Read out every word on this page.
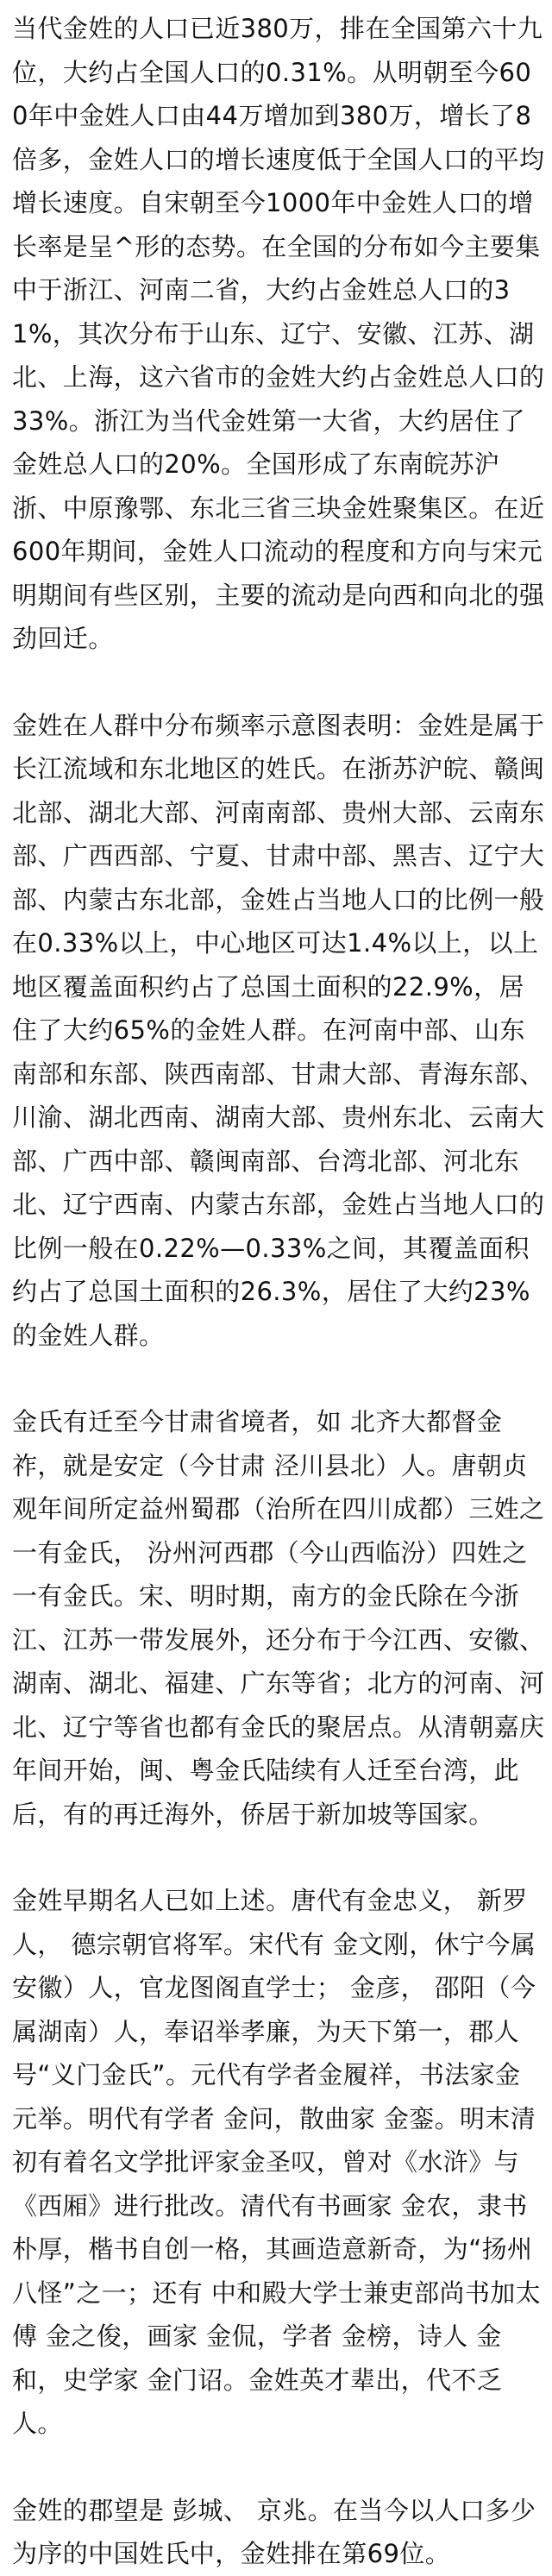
当代金姓的人口已近380万，排在全国第六十九位，大约占全国人口的0.31%。从明朝至今600年中金姓人口由44万增加到380万，增长了8倍多，金姓人口的增长速度低于全国人口的平均增长速度。自宋朝至今1000年中金姓人口的增长率是呈^形的态势。在全国的分布如今主要集中于浙江、河南二省，大约占金姓总人口的31%，其次分布于山东、辽宁、安徽、江苏、湖北、上海，这六省市的金姓大约占金姓总人口的33%。浙江为当代金姓第一大省，大约居住了金姓总人口的20%。全国形成了东南皖苏沪浙、中原豫鄂、东北三省三块金姓聚集区。在近600年期间，金姓人口流动的程度和方向与宋元明期间有些区别，主要的流动是向西和向北的强劲回迁。

金姓在人群中分布频率示意图表明：金姓是属于长江流域和东北地区的姓氏。在浙苏沪皖、赣闽北部、湖北大部、河南南部、贵州大部、云南东部、广西西部、宁夏、甘肃中部、黑吉、辽宁大部、内蒙古东北部，金姓占当地人口的比例一般在0.33%以上，中心地区可达1.4%以上，以上地区覆盖面积约占了总国土面积的22.9%，居住了大约65%的金姓人群。在河南中部、山东南部和东部、陕西南部、甘肃大部、青海东部、川渝、湖北西南、湖南大部、贵州东北、云南大部、广西中部、赣闽南部、台湾北部、河北东北、辽宁西南、内蒙古东部，金姓占当地人口的比例一般在0.22%—0.33%之间，其覆盖面积约占了总国土面积的26.3%，居住了大约23%的金姓人群。

金氏有迁至今甘肃省境者，如 北齐大都督金祚，就是安定（今甘肃 泾川县北）人。唐朝贞观年间所定益州蜀郡（治所在四川成都）三姓之一有金氏， 汾州河西郡（今山西临汾）四姓之一有金氏。宋、明时期，南方的金氏除在今浙江、江苏一带发展外，还分布于今江西、安徽、湖南、湖北、福建、广东等省；北方的河南、河北、辽宁等省也都有金氏的聚居点。从清朝嘉庆年间开始，闽、粤金氏陆续有人迁至台湾，此后，有的再迁海外，侨居于新加坡等国家。

金姓早期名人已如上述。唐代有金忠义， 新罗人， 德宗朝官将军。宋代有 金文刚，休宁今属安徽）人，官龙图阁直学士； 金彦， 邵阳（今属湖南）人，奉诏举孝廉，为天下第一，郡人号“义门金氏”。元代有学者金履祥，书法家金元举。明代有学者 金问，散曲家 金銮。明末清初有着名文学批评家金圣叹，曾对《水浒》与《西厢》进行批改。清代有书画家 金农，隶书朴厚，楷书自创一格，其画造意新奇，为“扬州八怪”之一；还有 中和殿大学士兼吏部尚书加太傅 金之俊，画家 金侃，学者 金榜，诗人 金和，史学家 金门诏。金姓英才辈出，代不乏人。

金姓的郡望是 彭城、 京兆。在当今以人口多少为序的中国姓氏中，金姓排在第69位。
